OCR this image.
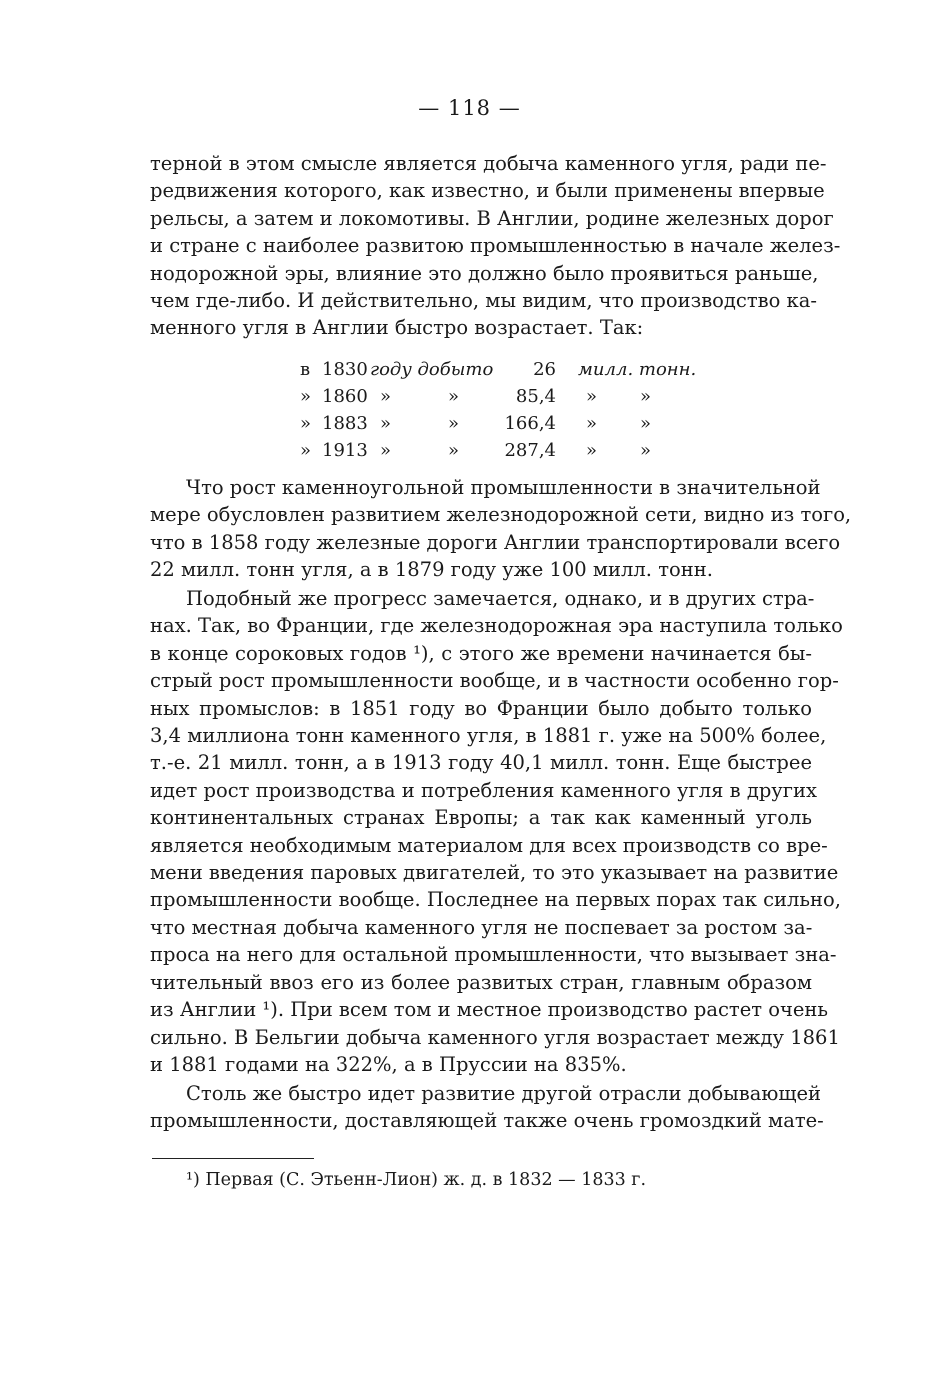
— 118 —
терной в этом смысле является добыча каменного угля, ради пе-
редвижения которого, как известно, и были применены впервые
рельсы, а затем и локомотивы. В Англии, родине железных дорог
и стране с наиболее развитою промышленностью в начале желез-
нодорожной эры, влияние это должно было проявиться раньше,
чем где-либо. И действительно, мы видим, что производство ка-
менного угля в Англии быстро возрастает. Так:
в 1830 году добыто	26 милл. тонн.
» 1860 »	»	85,4 » »
» 1883 »	»	166,4 » »
» 1913 »	»	287,4 » »
Что рост каменноугольной промышленности в значительной
мере обусловлен развитием железнодорожной сети, видно из того,
что в 1858 году железные дороги Англии транспортировали всего
22 милл. тонн угля, а в 1879 году уже 100 милл. тонн.
Подобный же прогресс замечается, однако, и в других стра-
нах. Так, во Франции, где железнодорожная эра наступила только
в конце сороковых годов ¹), с этого же времени начинается бы-
стрый рост промышленности вообще, и в частности особенно гор-
ных промыслов: в 1851 году во Франции было добыто только
3,4 миллиона тонн каменного угля, в 1881 г. уже на 500% более,
т.-е. 21 милл. тонн, а в 1913 году 40,1 милл. тонн. Еще быстрее
идет рост производства и потребления каменного угля в других
континентальных странах Европы; а так как каменный уголь
является необходимым материалом для всех производств со вре-
мени введения паровых двигателей, то это указывает на развитие
промышленности вообще. Последнее на первых порах так сильно,
что местная добыча каменного угля не поспевает за ростом за-
проса на него для остальной промышленности, что вызывает зна-
чительный ввоз его из более развитых стран, главным образом
из Англии ¹). При всем том и местное производство растет очень
сильно. В Бельгии добыча каменного угля возрастает между 1861
и 1881 годами на 322%, а в Пруссии на 835%.
Столь же быстро идет развитие другой отрасли добывающей
промышленности, доставляющей также очень громоздкий мате-
¹) Первая (С. Этьенн-Лион) ж. д. в 1832 — 1833 г.
